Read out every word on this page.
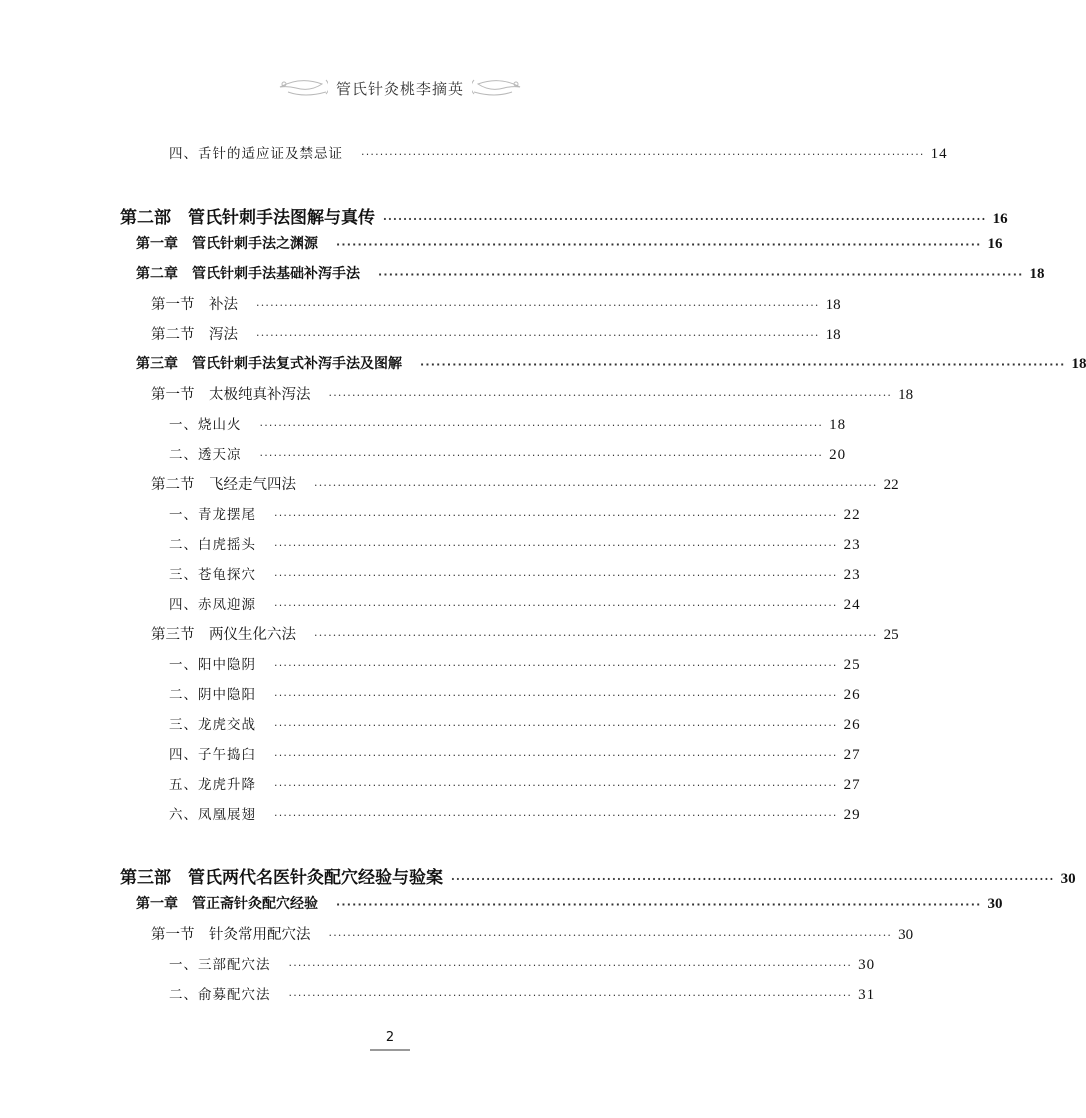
管氏针灸桃李摘英
四、舌针的适应证及禁忌证 ························································································································ 14
第二部　管氏针刺手法图解与真传 ························································································································ 16
第一章　管氏针刺手法之渊源 ························································································································ 16
第二章　管氏针刺手法基础补泻手法 ························································································································ 18
第一节　补法 ························································································································ 18
第二节　泻法 ························································································································ 18
第三章　管氏针刺手法复式补泻手法及图解 ························································································································ 18
第一节　太极纯真补泻法 ························································································································ 18
一、烧山火 ························································································································ 18
二、透天凉 ························································································································ 20
第二节　飞经走气四法 ························································································································ 22
一、青龙摆尾 ························································································································ 22
二、白虎摇头 ························································································································ 23
三、苍龟探穴 ························································································································ 23
四、赤凤迎源 ························································································································ 24
第三节　两仪生化六法 ························································································································ 25
一、阳中隐阴 ························································································································ 25
二、阴中隐阳 ························································································································ 26
三、龙虎交战 ························································································································ 26
四、子午捣臼 ························································································································ 27
五、龙虎升降 ························································································································ 27
六、凤凰展翅 ························································································································ 29
第三部　管氏两代名医针灸配穴经验与验案 ························································································································ 30
第一章　管正斋针灸配穴经验 ························································································································ 30
第一节　针灸常用配穴法 ························································································································ 30
一、三部配穴法 ························································································································ 30
二、俞募配穴法 ························································································································ 31
2
